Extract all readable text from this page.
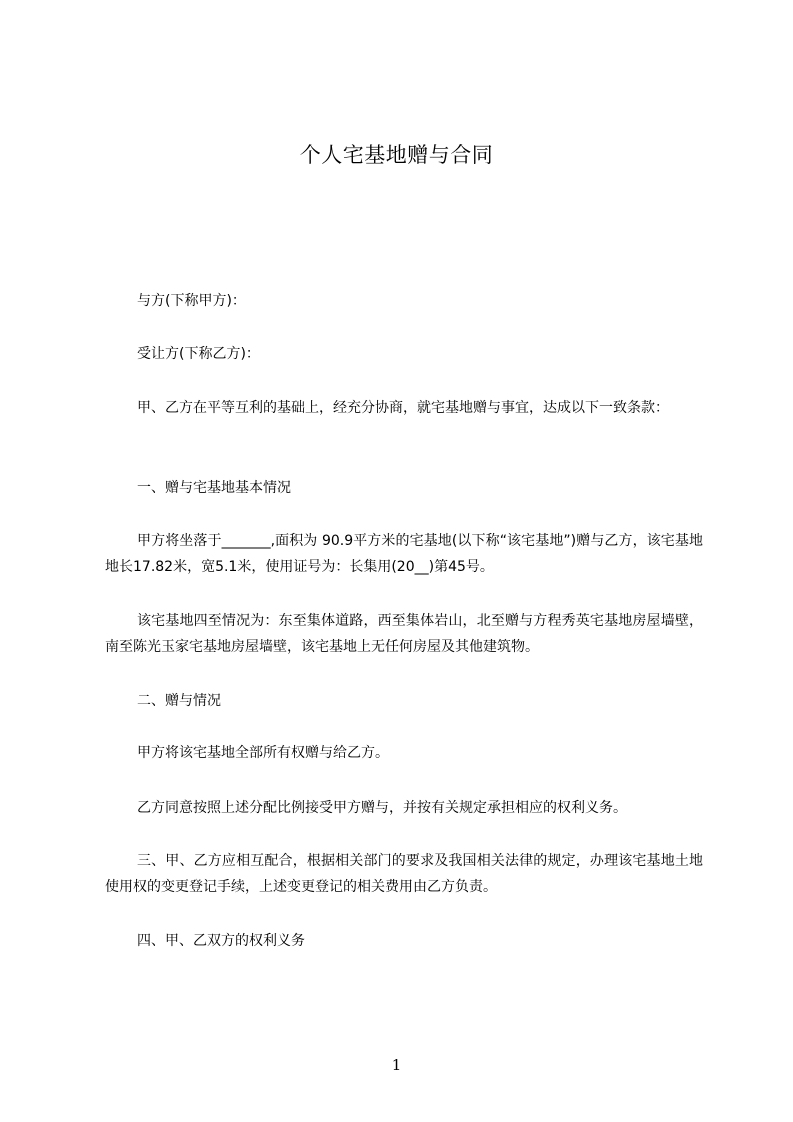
个人宅基地赠与合同
与方(下称甲方)：
受让方(下称乙方)：
甲、乙方在平等互利的基础上，经充分协商，就宅基地赠与事宜，达成以下一致条款：
一、赠与宅基地基本情况
甲方将坐落于_______,面积为 90.9平方米的宅基地(以下称“该宅基地”)赠与乙方，该宅基地地长17.82米，宽5.1米，使用证号为：长集用(20__)第45号。
该宅基地四至情况为：东至集体道路，西至集体岩山，北至赠与方程秀英宅基地房屋墙壁，南至陈光玉家宅基地房屋墙壁，该宅基地上无任何房屋及其他建筑物。
二、赠与情况
甲方将该宅基地全部所有权赠与给乙方。
乙方同意按照上述分配比例接受甲方赠与，并按有关规定承担相应的权利义务。
三、甲、乙方应相互配合，根据相关部门的要求及我国相关法律的规定，办理该宅基地土地使用权的变更登记手续，上述变更登记的相关费用由乙方负责。
四、甲、乙双方的权利义务
1
